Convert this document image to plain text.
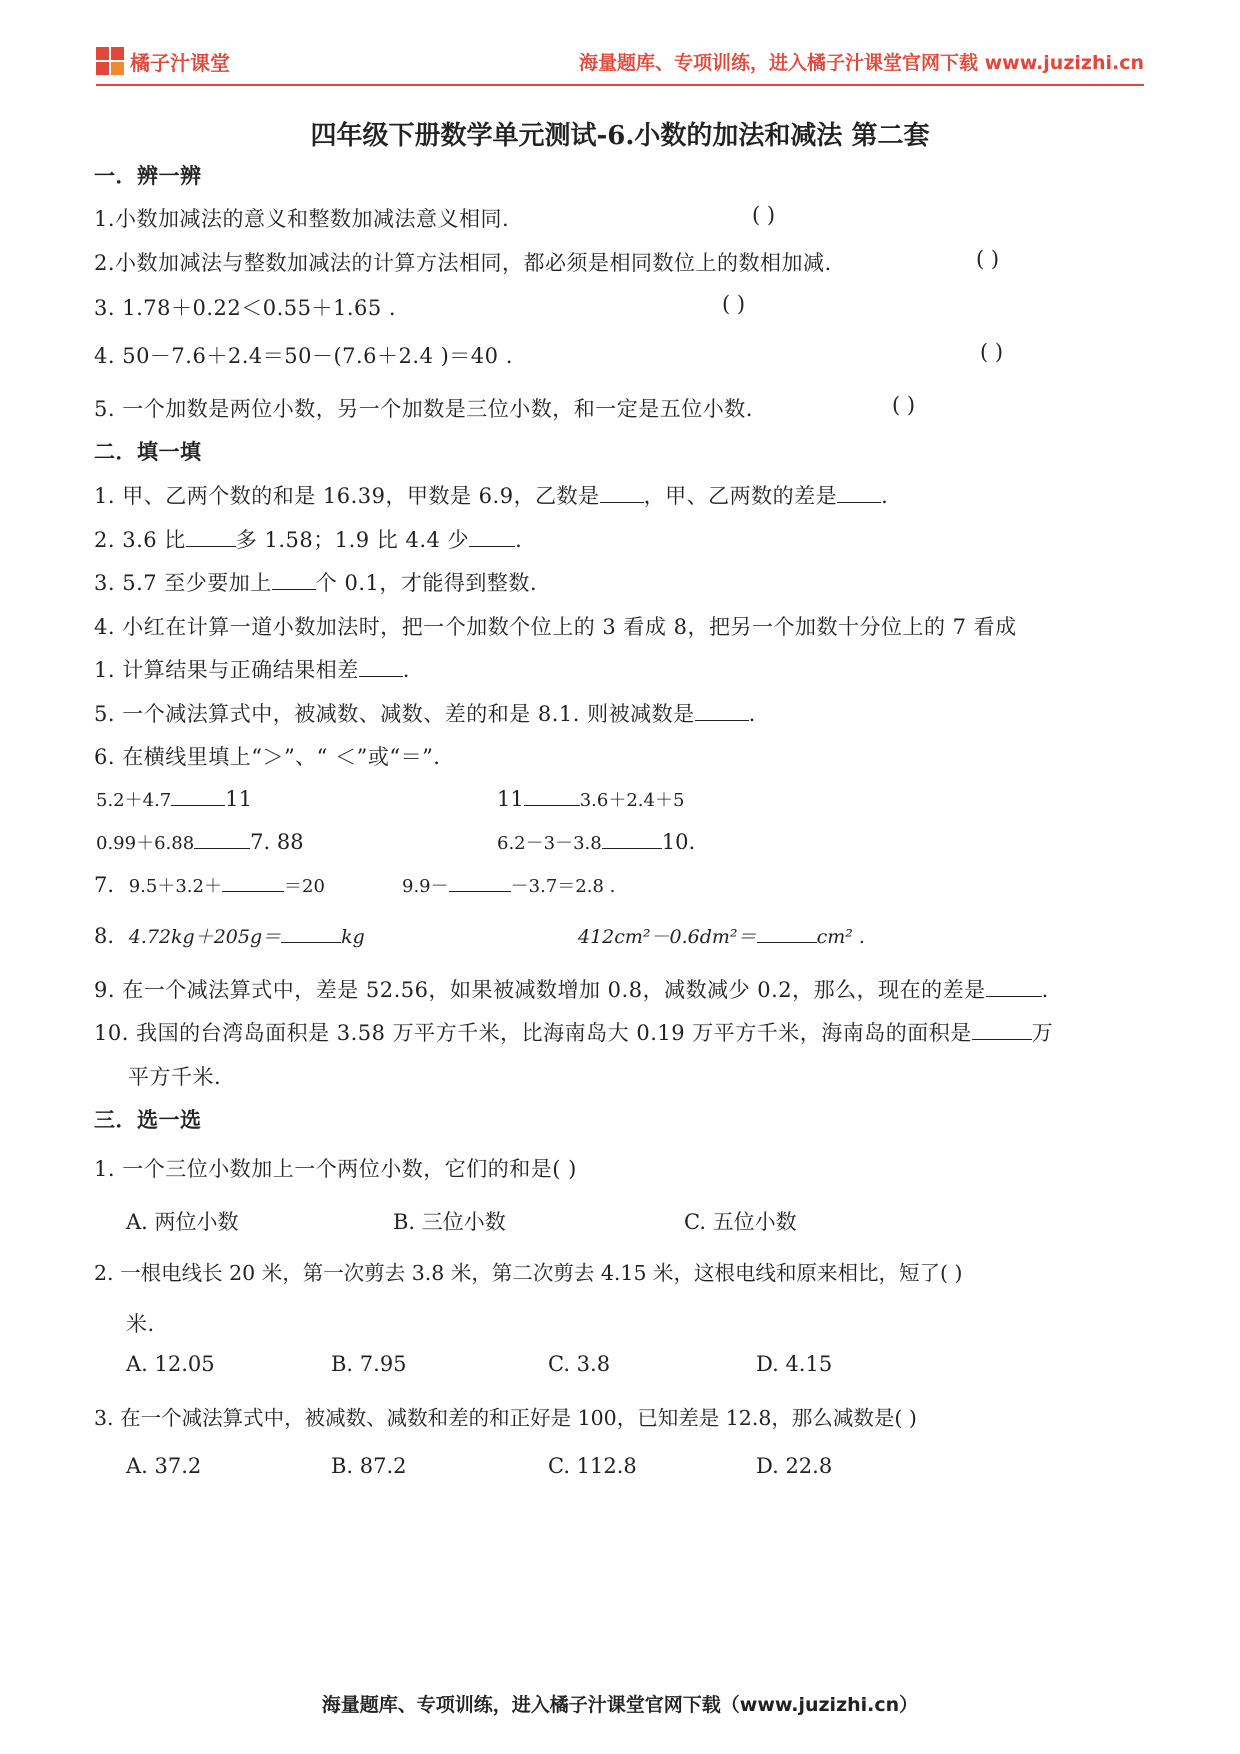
橘子汁课堂	海量题库、专项训练，进入橘子汁课堂官网下载 www.juzizhi.cn
四年级下册数学单元测试-6.小数的加法和减法 第二套
一．辨一辨
1.小数加减法的意义和整数加减法意义相同.	( )
2.小数加减法与整数加减法的计算方法相同，都必须是相同数位上的数相加减.	( )
3. 1.78＋0.22＜0.55＋1.65 .	( )
4. 50－7.6＋2.4＝50－(7.6＋2.4 )＝40 .	( )
5. 一个加数是两位小数，另一个加数是三位小数，和一定是五位小数.	( )
二．填一填
1. 甲、乙两个数的和是 16.39，甲数是 6.9，乙数是 ，甲、乙两数的差是 .
2. 3.6 比 多 1.58；1.9 比 4.4 少 .
3. 5.7 至少要加上 个 0.1，才能得到整数.
4. 小红在计算一道小数加法时，把一个加数个位上的 3 看成 8，把另一个加数十分位上的 7 看成
1. 计算结果与正确结果相差 .
5. 一个减法算式中，被减数、减数、差的和是 8.1. 则被减数是	.
6. 在横线里填上“＞”、“ ＜”或“＝”.
5.2＋4.7	11	11	3.6＋2.4＋5
0.99＋6.88	7. 88	6.2－3－3.8	10.
7. 9.5＋3.2＋	＝20	9.9－	－3.7＝2.8 .
8. 4.72kg＋205g＝	kg	412cm²－0.6dm²＝	cm² .
9. 在一个减法算式中，差是 52.56，如果被减数增加 0.8，减数减少 0.2，那么，现在的差是	.
10. 我国的台湾岛面积是 3.58 万平方千米，比海南岛大 0.19 万平方千米，海南岛的面积是	万
平方千米.
三．选一选
1. 一个三位小数加上一个两位小数，它们的和是( )
A. 两位小数	B. 三位小数	C. 五位小数
2. 一根电线长 20 米，第一次剪去 3.8 米，第二次剪去 4.15 米，这根电线和原来相比，短了( )
米.
A. 12.05	B. 7.95	C. 3.8	D. 4.15
3. 在一个减法算式中，被减数、减数和差的和正好是 100，已知差是 12.8，那么减数是( )
A. 37.2	B. 87.2	C. 112.8	D. 22.8
海量题库、专项训练，进入橘子汁课堂官网下载（www.juzizhi.cn）
